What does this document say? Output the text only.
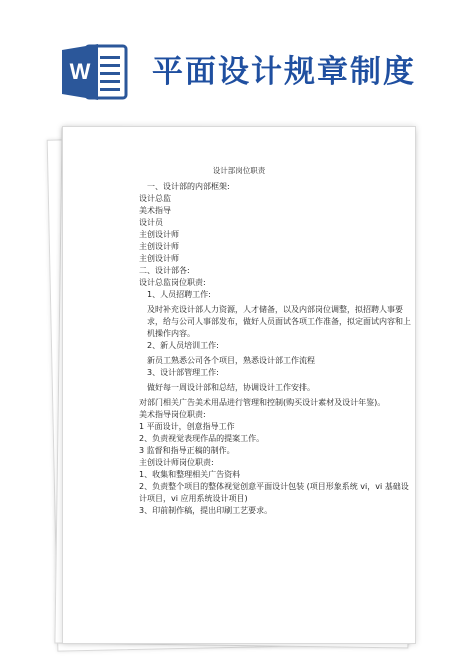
W 平面设计规章制度
设计部岗位职责

一、设计部的内部框架:

设计总监

美术指导

设计员

主创设计师

主创设计师

主创设计师

二、设计部各:

设计总监岗位职责:

1、人员招聘工作:

及时补充设计部人力资源，人才储备，以及内部岗位调整，拟招聘人事要求，给与公司人事部发布，做好人员面试各项工作准备，拟定面试内容和上机操作内容。

2、新人员培训工作:

新员工熟悉公司各个项目，熟悉设计部工作流程

3、设计部管理工作:

做好每一周设计部和总结，协调设计工作安排。

对部门相关广告美术用品进行管理和控制(购买设计素材及设计年鉴)。

美术指导岗位职责:

1 平面设计，创意指导工作

2、负责视觉表现作品的提案工作。

3 监督和指导正稿的制作。

主创设计师岗位职责:

1、收集和整理相关广告资料

2、负责整个项目的整体视觉创意平面设计包装 (项目形象系统 vi，vi 基础设计项目，vi 应用系统设计项目)

3、印前制作稿，提出印刷工艺要求。
